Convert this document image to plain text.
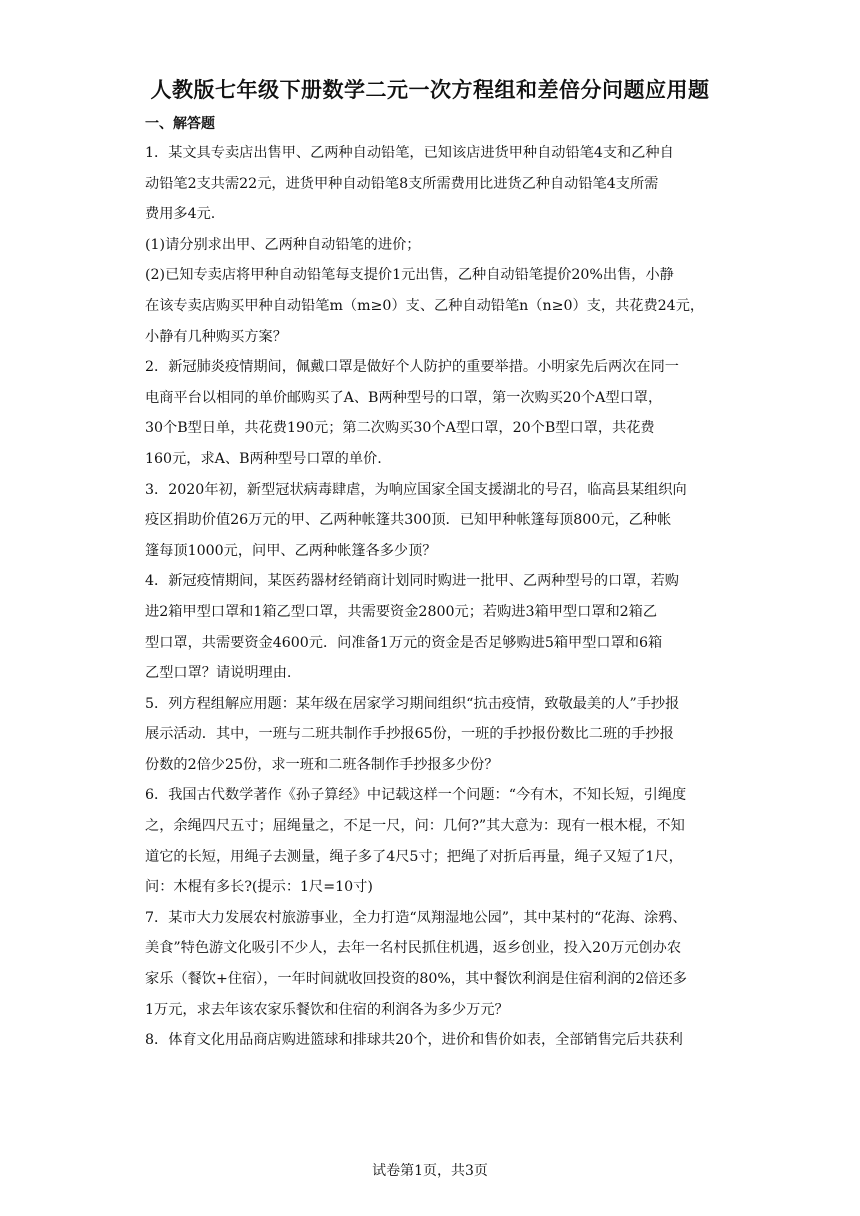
人教版七年级下册数学二元一次方程组和差倍分问题应用题
一、解答题
1．某文具专卖店出售甲、乙两种自动铅笔，已知该店进货甲种自动铅笔4支和乙种自
动铅笔2支共需22元，进货甲种自动铅笔8支所需费用比进货乙种自动铅笔4支所需
费用多4元.
(1)请分别求出甲、乙两种自动铅笔的进价；
(2)已知专卖店将甲种自动铅笔每支提价1元出售，乙种自动铅笔提价20%出售，小静
在该专卖店购买甲种自动铅笔m（m≥0）支、乙种自动铅笔n（n≥0）支，共花费24元，
小静有几种购买方案？
2．新冠肺炎疫情期间，佩戴口罩是做好个人防护的重要举措。小明家先后两次在同一
电商平台以相同的单价邮购买了A、B两种型号的口罩，第一次购买20个A型口罩，
30个B型日单，共花费190元；第二次购买30个A型口罩，20个B型口罩，共花费
160元，求A、B两种型号口罩的单价.
3．2020年初，新型冠状病毒肆虐，为响应国家全国支援湖北的号召，临高县某组织向
疫区捐助价值26万元的甲、乙两种帐篷共300顶．已知甲种帐篷每顶800元，乙种帐
篷每顶1000元，问甲、乙两种帐篷各多少顶？
4．新冠疫情期间，某医药器材经销商计划同时购进一批甲、乙两种型号的口罩，若购
进2箱甲型口罩和1箱乙型口罩，共需要资金2800元；若购进3箱甲型口罩和2箱乙
型口罩，共需要资金4600元．问准备1万元的资金是否足够购进5箱甲型口罩和6箱
乙型口罩？请说明理由.
5．列方程组解应用题：某年级在居家学习期间组织“抗击疫情，致敬最美的人”手抄报
展示活动．其中，一班与二班共制作手抄报65份，一班的手抄报份数比二班的手抄报
份数的2倍少25份，求一班和二班各制作手抄报多少份？
6．我国古代数学著作《孙子算经》中记载这样一个问题：“今有木，不知长短，引绳度
之，余绳四尺五寸；屈绳量之，不足一尺，问：几何?”其大意为：现有一根木棍，不知
道它的长短，用绳子去测量，绳子多了4尺5寸；把绳了对折后再量，绳子又短了1尺，
问：木棍有多长?(提示：1尺=10寸)
7．某市大力发展农村旅游事业，全力打造“凤翔湿地公园”，其中某村的“花海、涂鸦、
美食”特色游文化吸引不少人，去年一名村民抓住机遇，返乡创业，投入20万元创办农
家乐（餐饮+住宿），一年时间就收回投资的80%，其中餐饮利润是住宿利润的2倍还多
1万元，求去年该农家乐餐饮和住宿的利润各为多少万元？
8．体育文化用品商店购进篮球和排球共20个，进价和售价如表，全部销售完后共获利
试卷第1页，共3页
